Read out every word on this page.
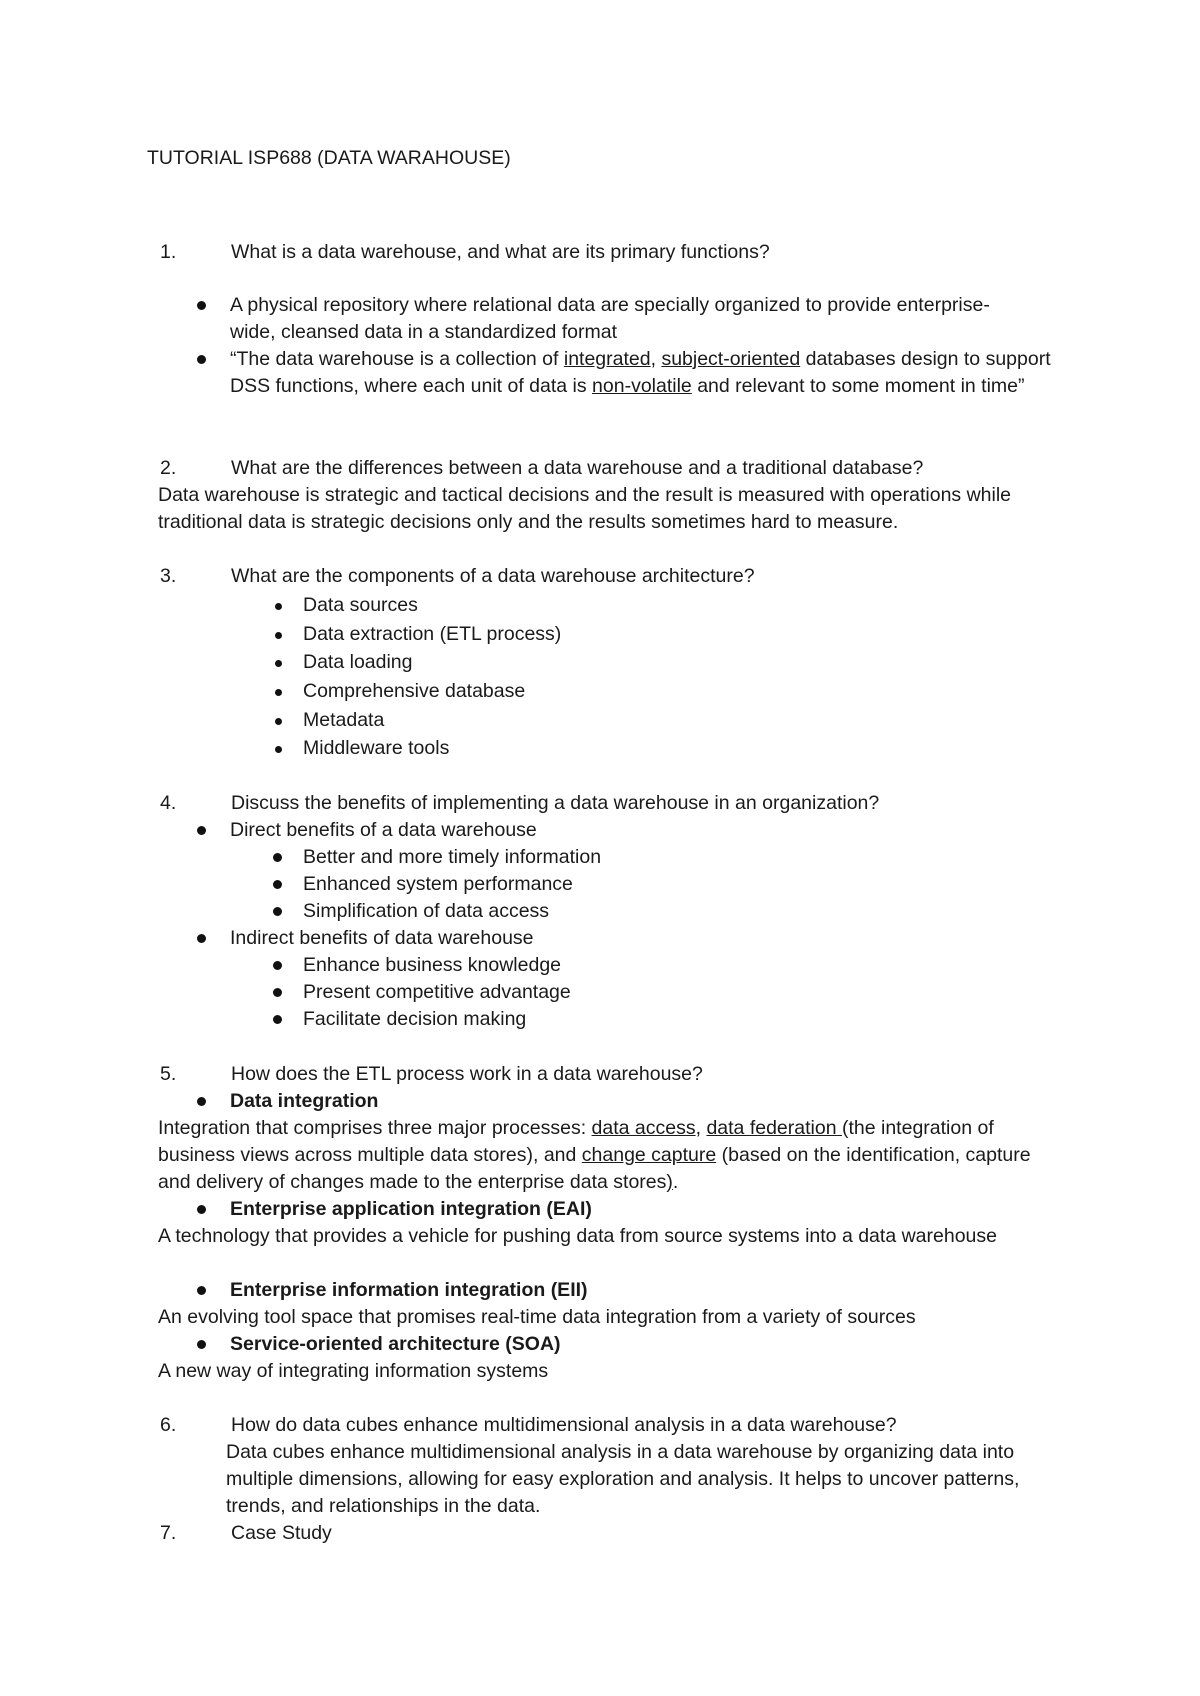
TUTORIAL ISP688 (DATA WARAHOUSE)
1.	What is a data warehouse, and what are its primary functions?
A physical repository where relational data are specially organized to provide enterprise-wide, cleansed data in a standardized format
“The data warehouse is a collection of integrated, subject-oriented databases design to support DSS functions, where each unit of data is non-volatile and relevant to some moment in time”
2.	What are the differences between a data warehouse and a traditional database?
Data warehouse is strategic and tactical decisions and the result is measured with operations while traditional data is strategic decisions only and the results sometimes hard to measure.
3.	What are the components of a data warehouse architecture?
Data sources
Data extraction (ETL process)
Data loading
Comprehensive database
Metadata
Middleware tools
4.	Discuss the benefits of implementing a data warehouse in an organization?
Direct benefits of a data warehouse
Better and more timely information
Enhanced system performance
Simplification of data access
Indirect benefits of data warehouse
Enhance business knowledge
Present competitive advantage
Facilitate decision making
5.	How does the ETL process work in a data warehouse?
Data integration
Integration that comprises three major processes: data access, data federation (the integration of business views across multiple data stores), and change capture (based on the identification, capture and delivery of changes made to the enterprise data stores).
Enterprise application integration (EAI)
A technology that provides a vehicle for pushing data from source systems into a data warehouse
Enterprise information integration (EII)
An evolving tool space that promises real-time data integration from a variety of sources
Service-oriented architecture (SOA)
A new way of integrating information systems
6.	How do data cubes enhance multidimensional analysis in a data warehouse?
Data cubes enhance multidimensional analysis in a data warehouse by organizing data into multiple dimensions, allowing for easy exploration and analysis. It helps to uncover patterns, trends, and relationships in the data.
7.	Case Study
